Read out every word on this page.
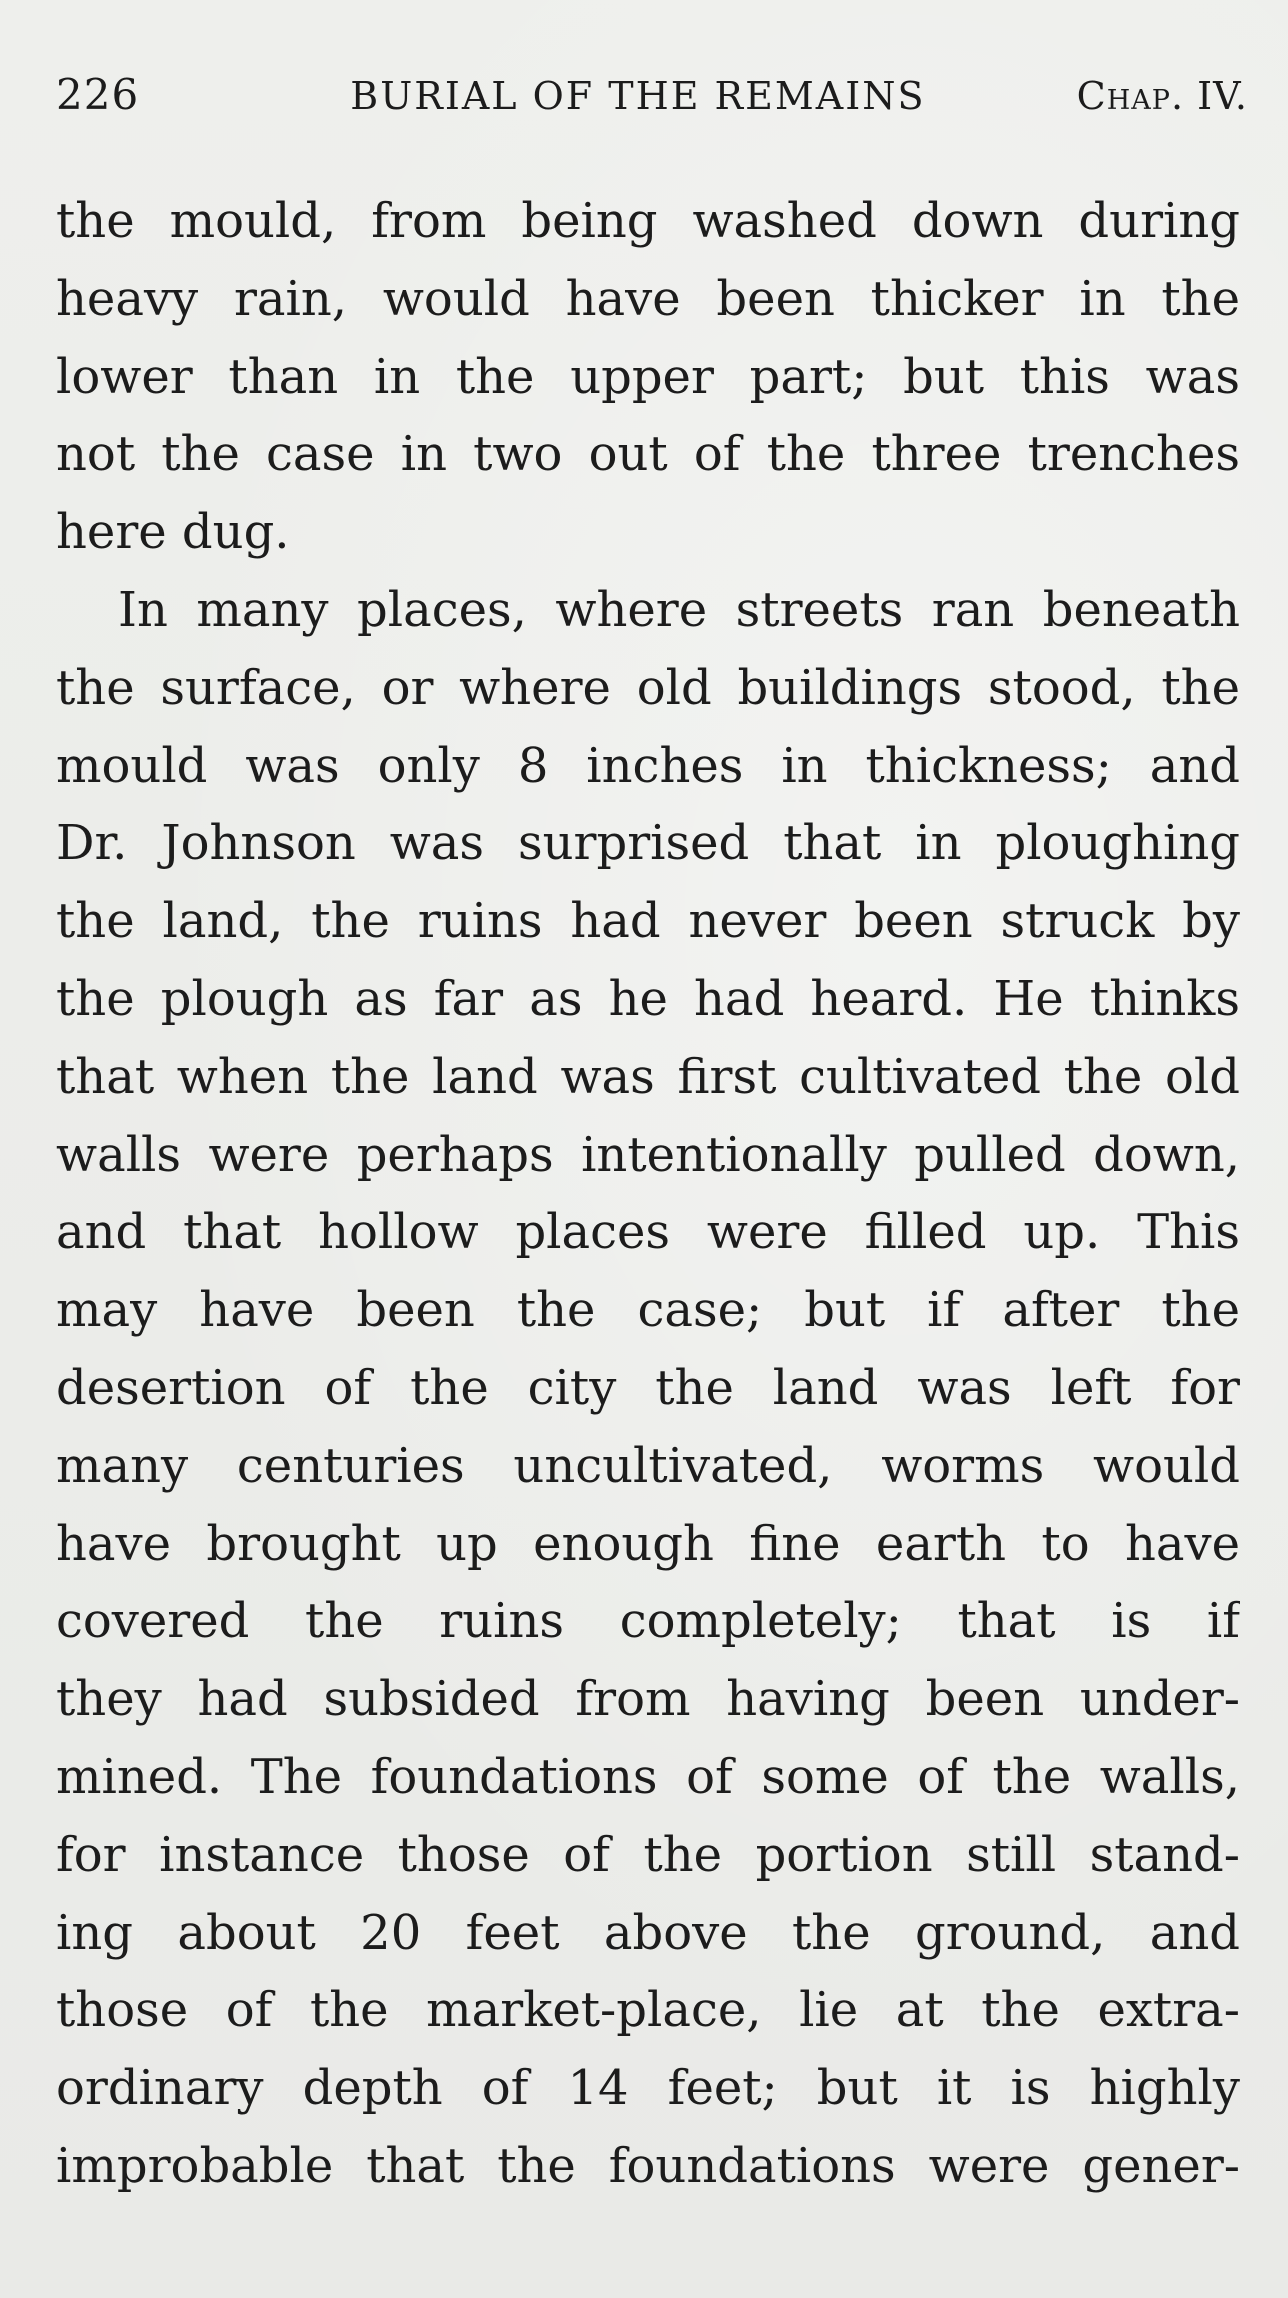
226	BURIAL OF THE REMAINS	Chap. IV.
the mould, from being washed down during
heavy rain, would have been thicker in the
lower than in the upper part; but this was
not the case in two out of the three trenches
here dug.
In many places, where streets ran beneath
the surface, or where old buildings stood, the
mould was only 8 inches in thickness; and
Dr. Johnson was surprised that in ploughing
the land, the ruins had never been struck by
the plough as far as he had heard. He thinks
that when the land was first cultivated the old
walls were perhaps intentionally pulled down,
and that hollow places were filled up. This
may have been the case; but if after the
desertion of the city the land was left for
many centuries uncultivated, worms would
have brought up enough fine earth to have
covered the ruins completely; that is if
they had subsided from having been under-
mined. The foundations of some of the walls,
for instance those of the portion still stand-
ing about 20 feet above the ground, and
those of the market-place, lie at the extra-
ordinary depth of 14 feet; but it is highly
improbable that the foundations were gener-
